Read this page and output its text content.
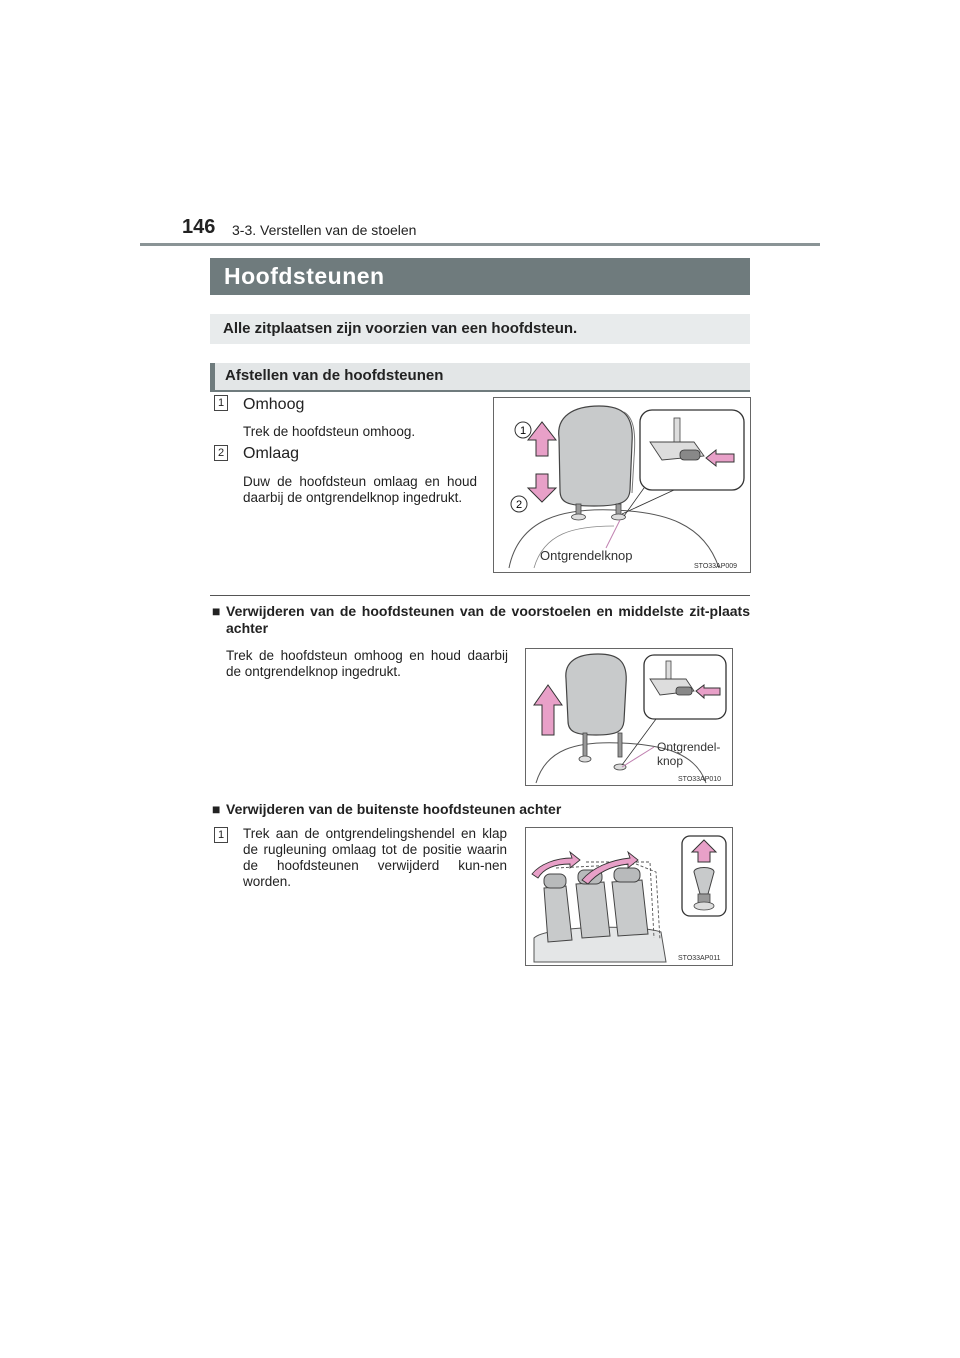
146 3-3. Verstellen van de stoelen
Hoofdsteunen
Alle zitplaatsen zijn voorzien van een hoofdsteun.
Afstellen van de hoofdsteunen
1 Omhoog
Trek de hoofdsteun omhoog.
2 Omlaag
Duw de hoofdsteun omlaag en houd daarbij de ontgrendelknop ingedrukt.
1
2
Ontgrendelknop
STO33AP009
■ Verwijderen van de hoofdsteunen van de voorstoelen en middelste zit-plaats achter
Trek de hoofdsteun omhoog en houd daarbij de ontgrendelknop ingedrukt.
Ontgrendel-
knop
STO33AP010
■ Verwijderen van de buitenste hoofdsteunen achter
1 Trek aan de ontgrendelingshendel en klap de rugleuning omlaag tot de positie waarin de hoofdsteunen verwijderd kun-nen worden.
STO33AP011
